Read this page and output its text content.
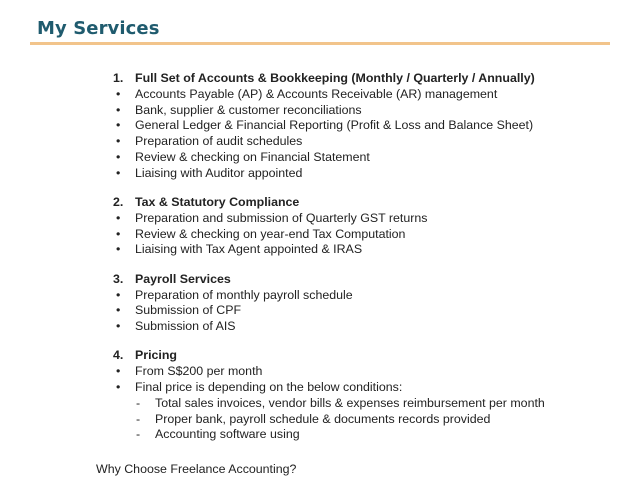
My Services
1. Full Set of Accounts & Bookkeeping (Monthly / Quarterly / Annually)
•	Accounts Payable (AP) & Accounts Receivable (AR) management
•	Bank, supplier & customer reconciliations
•	General Ledger & Financial Reporting (Profit & Loss and Balance Sheet)
•	Preparation of audit schedules
•	Review & checking on Financial Statement
•	Liaising with Auditor appointed
2. Tax & Statutory Compliance
•	Preparation and submission of Quarterly GST returns
•	Review & checking on year-end Tax Computation
•	Liaising with Tax Agent appointed & IRAS
3. Payroll Services
•	Preparation of monthly payroll schedule
•	Submission of CPF
•	Submission of AIS
4. Pricing
•	From S$200 per month
•	Final price is depending on the below conditions:
-	Total sales invoices, vendor bills & expenses reimbursement per month
-	Proper bank, payroll schedule & documents records provided
-	Accounting software using
Why Choose Freelance Accounting?
